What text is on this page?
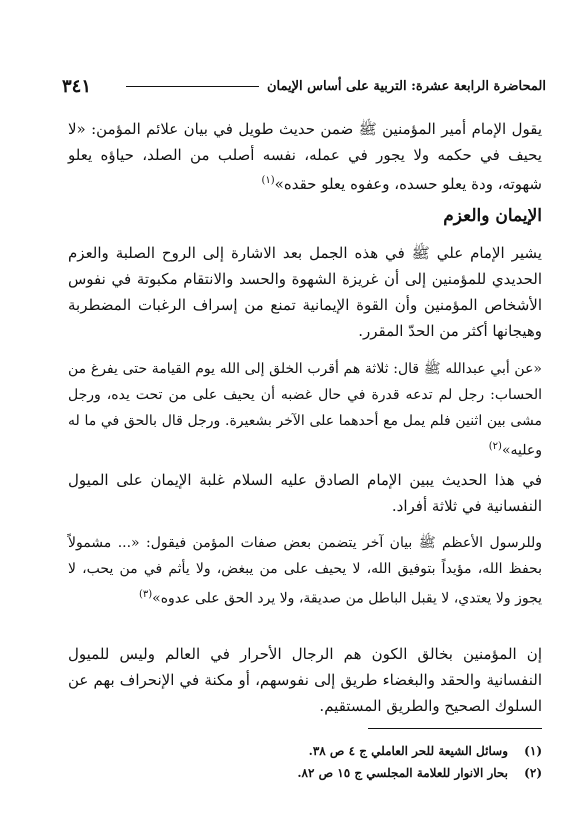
٣٤١	المحاضرة الرابعة عشرة: التربية على أساس الإيمان
يقول الإمام أمير المؤمنين ﷺ ضمن حديث طويل في بيان علائم المؤمن: «لا يحيف في حكمه ولا يجور في عمله، نفسه أصلب من الصلد، حياؤه يعلو شهوته، ودة يعلو حسده، وعفوه يعلو حقده»$^{(١)}$
الإيمان والعزم
يشير الإمام علي ﷺ في هذه الجمل بعد الاشارة إلى الروح الصلبة والعزم الحديدي للمؤمنين إلى أن غريزة الشهوة والحسد والانتقام مكبوتة في نفوس الأشخاص المؤمنين وأن القوة الإيمانية تمنع من إسراف الرغبات المضطربة وهيجانها أكثر من الحدّ المقرر.
«عن أبي عبدالله ﷺ قال: ثلاثة هم أقرب الخلق إلى الله يوم القيامة حتى يفرغ من الحساب: رجل لم تدعه قدرة في حال غضبه أن يحيف على من تحت يده، ورجل مشى بين اثنين فلم يمل مع أحدهما على الآخر بشعيرة. ورجل قال بالحق في ما له وعليه»$^{(٢)}$
في هذا الحديث يبين الإمام الصادق عليه السلام غلبة الإيمان على الميول النفسانية في ثلاثة أفراد.
وللرسول الأعظم ﷺ بيان آخر يتضمن بعض صفات المؤمن فيقول: «... مشمولاً بحفظ الله، مؤيداً بتوفيق الله، لا يحيف على من يبغض، ولا يأثم في من يحب، لا يجوز ولا يعتدي، لا يقبل الباطل من صديقة، ولا يرد الحق على عدوه»$^{(٣)}$
إن المؤمنين بخالق الكون هم الرجال الأحرار في العالم وليس للميول النفسانية والحقد والبغضاء طريق إلى نفوسهم، أو مكنة في الإنحراف بهم عن السلوك الصحيح والطريق المستقيم.
(١)وسائل الشيعة للحر العاملي ج ٤ ص ٣٨.
(٢)بحار الانوار للعلامة المجلسي ج ١٥ ص ٨٢.
